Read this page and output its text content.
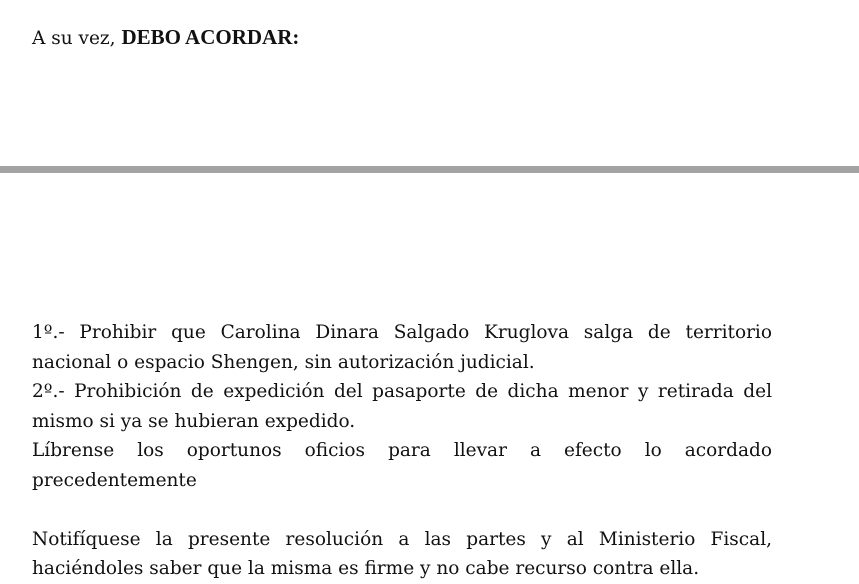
A su vez, DEBO ACORDAR:

1º.- Prohibir que Carolina Dinara Salgado Kruglova salga de territorio nacional o espacio Shengen, sin autorización judicial.

2º.- Prohibición de expedición del pasaporte de dicha menor y retirada del mismo si ya se hubieran expedido.

Líbrense los oportunos oficios para llevar a efecto lo acordado precedentemente

Notifíquese la presente resolución a las partes y al Ministerio Fiscal, haciéndoles saber que la misma es firme y no cabe recurso contra ella.
